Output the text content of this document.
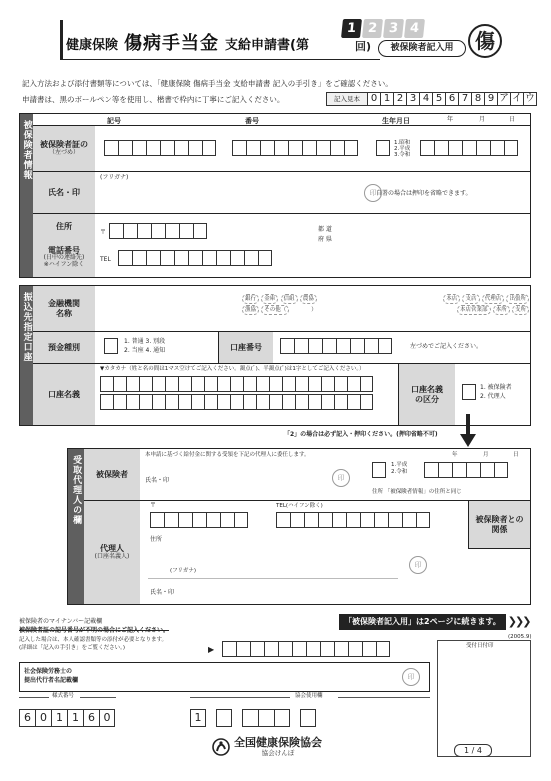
健康保険 傷病手当金 支給申請書(第
1 2 3 4
回)	被保険者記入用	傷
記入方法および添付書類等については、「健康保険 傷病手当金 支給申請書 記入の手引き」をご確認ください。
申請書は、黒のボールペン等を使用し、楷書で枠内に丁寧にご記入ください。	記入見本	0 1 2 3 4 5 6 7 8 9 ア イ ウ
被保険者情報 被保険者証の
（左づめ）
記号	番号	生年月日	年	月	日
1.昭和
2.平成
3.令和
氏名・印
(フリガナ)
印 自署の場合は押印を省略できます。
住所
電話番号
(日中の連絡先)
※ハイフン除く
〒	都 道
府 県
TEL
振込先指定口座 金融機関
名称
銀行 金庫 信組 農協 漁協 その他（	）
本店 支店 代理店 出張所 本店営業部 本所 支所
預金種別
1. 普通 3. 別段
2. 当座 4. 通知	口座番号	左づめでご記入ください。
口座名義
▼カタカナ（姓と名の間は1マス空けてご記入ください。濁点(ﾞ)、半濁点(ﾟ)は1字としてご記入ください。）
口座名義
の区分
1. 被保険者
2. 代理人
「2」の場合は必ず記入・押印ください。(押印省略不可)
受取代理人の欄	被保険者
本申請に基づく給付金に関する受領を下記の代理人に委任します。	年	月	日
氏名・印	印
1.平成
2.令和
住所 「被保険者情報」の住所と同じ
代理人
(口座名義人)
〒	TEL(ハイフン除く)
被保険者との
関係
住所
(フリガナ)
氏名・印
印
被保険者のマイナンバー記載欄
被保険者証の記号番号が不明の場合にご記入ください。
記入した場合は、本人確認書類等の添付が必要となります。
(詳細は「記入の手引き」をご覧ください。)	▶
「被保険者記入用」は2ページに続きます。 ❯❯❯
(2005.9)
社会保険労務士の
提出代行者名記載欄	印
受付日付印
様式番号	協会使用欄
6 0 1 1 6 0	1
全国健康保険協会
協会けんぽ	1 / 4
